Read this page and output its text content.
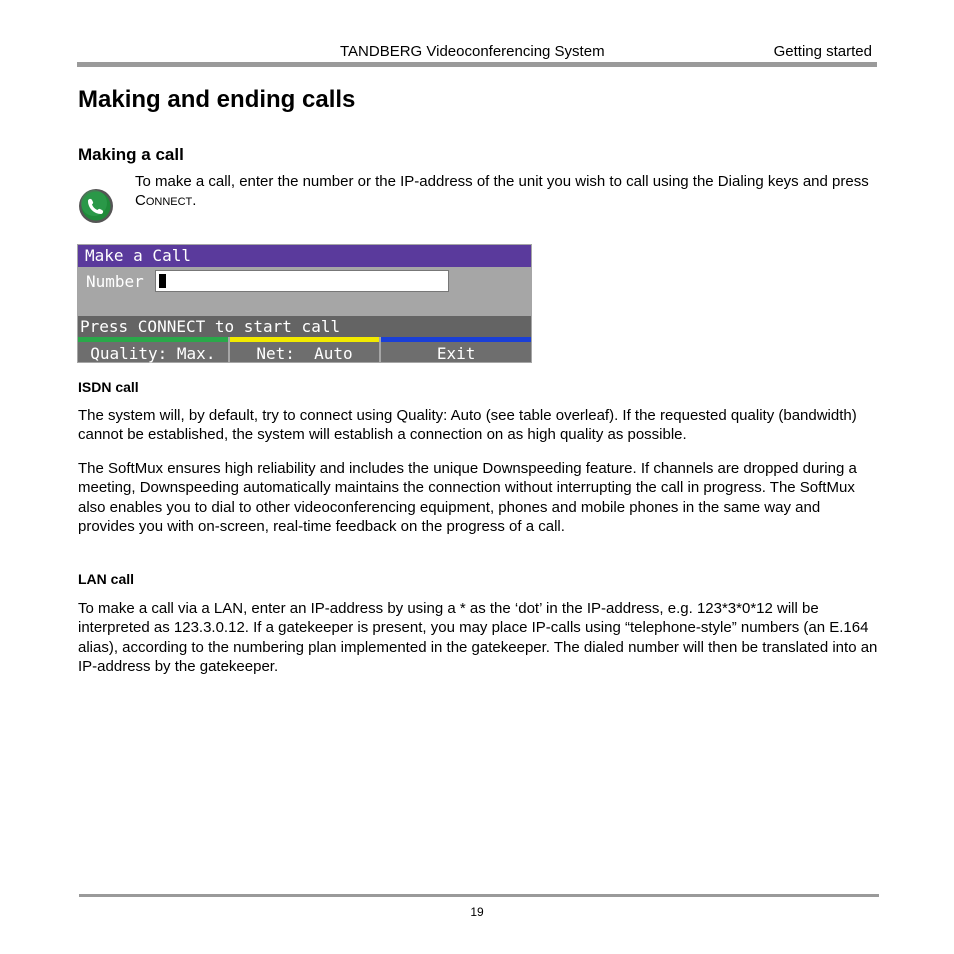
TANDBERG Videoconferencing System	Getting started
Making and ending calls
Making a call
To make a call, enter the number or the IP-address of the unit you wish to call using the Dialing keys and press Connect.
Make a Call
Number
Press CONNECT to start call
Quality: Max.	Net:  Auto	Exit
ISDN call

The system will, by default, try to connect using Quality: Auto (see table overleaf). If the requested quality (bandwidth) cannot be established, the system will establish a connection on as high quality as possible.

The SoftMux ensures high reliability and includes the unique Downspeeding feature. If channels are dropped during a meeting, Downspeeding automatically maintains the connection without interrupting the call in progress. The SoftMux also enables you to dial to other videoconferencing equipment, phones and mobile phones in the same way and provides you with on-screen, real-time feedback on the progress of a call.

LAN call

To make a call via a LAN, enter an IP-address by using a * as the ‘dot’ in the IP-address, e.g. 123*3*0*12 will be interpreted as 123.3.0.12. If a gatekeeper is present, you may place IP-calls using “telephone-style” numbers (an E.164 alias), according to the numbering plan implemented in the gatekeeper. The dialed number will then be translated into an IP-address by the gatekeeper.

19
